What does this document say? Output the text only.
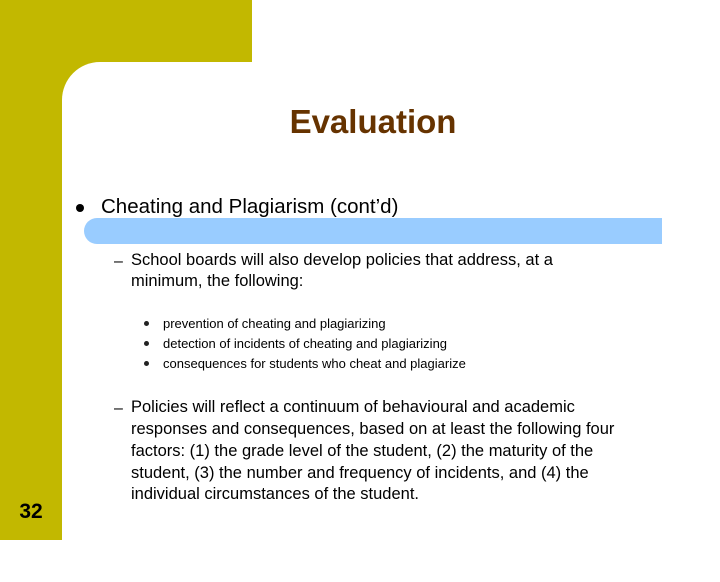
Evaluation
32
Cheating and Plagiarism (cont’d)
– School boards will also develop policies that address, at a
minimum, the following:
prevention of cheating and plagiarizing
detection of incidents of cheating and plagiarizing
consequences for students who cheat and plagiarize
– Policies will reflect a continuum of behavioural and academic
responses and consequences, based on at least the following four
factors: (1) the grade level of the student, (2) the maturity of the
student, (3) the number and frequency of incidents, and (4) the
individual circumstances of the student.
